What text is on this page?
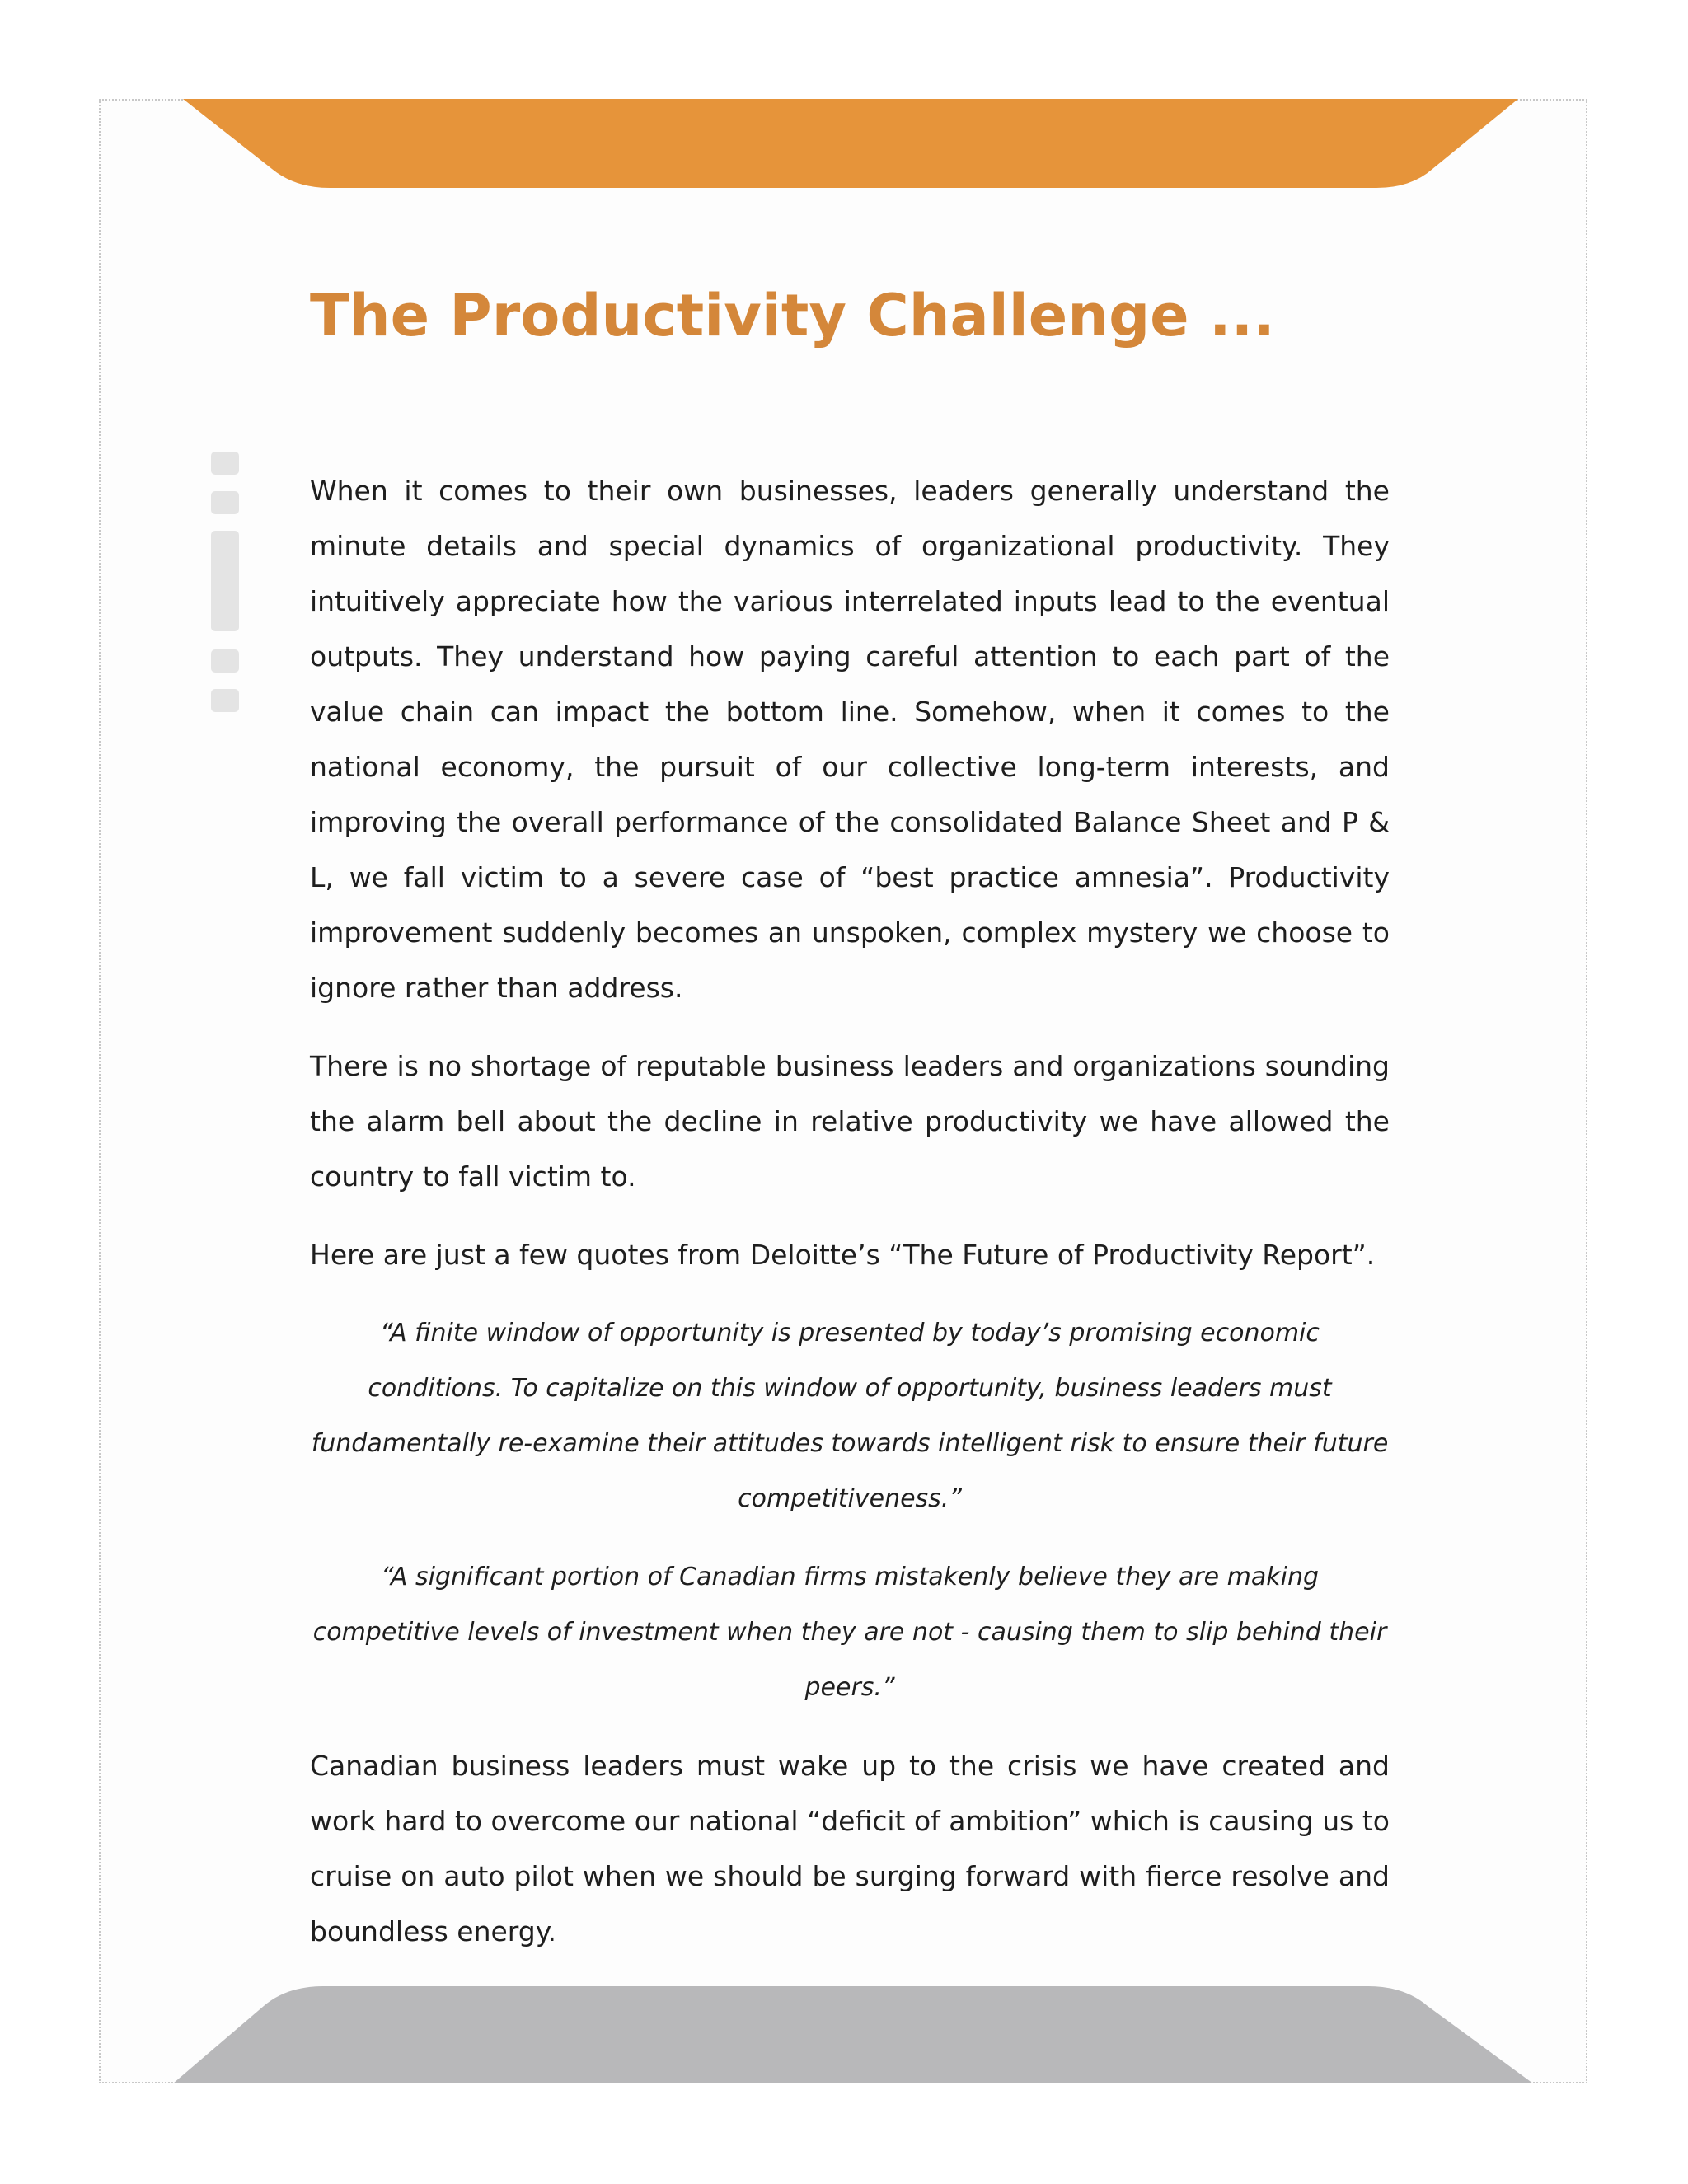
The Productivity Challenge ...

When it comes to their own businesses, leaders generally understand the minute details and special dynamics of organizational productivity. They intuitively appreciate how the various interrelated inputs lead to the eventual outputs. They understand how paying careful attention to each part of the value chain can impact the bottom line. Somehow, when it comes to the national economy, the pursuit of our collective long-term interests, and improving the overall performance of the consolidated Balance Sheet and P & L, we fall victim to a severe case of “best practice amnesia”. Productivity improvement suddenly becomes an unspoken, complex mystery we choose to ignore rather than address.

There is no shortage of reputable business leaders and organizations sounding the alarm bell about the decline in relative productivity we have allowed the country to fall victim to.

Here are just a few quotes from Deloitte’s “The Future of Productivity Report”.

“A finite window of opportunity is presented by today’s promising economic conditions. To capitalize on this window of opportunity, business leaders must fundamentally re-examine their attitudes towards intelligent risk to ensure their future competitiveness.”

“A significant portion of Canadian firms mistakenly believe they are making competitive levels of investment when they are not - causing them to slip behind their peers.”

Canadian business leaders must wake up to the crisis we have created and work hard to overcome our national “deficit of ambition” which is causing us to cruise on auto pilot when we should be surging forward with fierce resolve and boundless energy.
